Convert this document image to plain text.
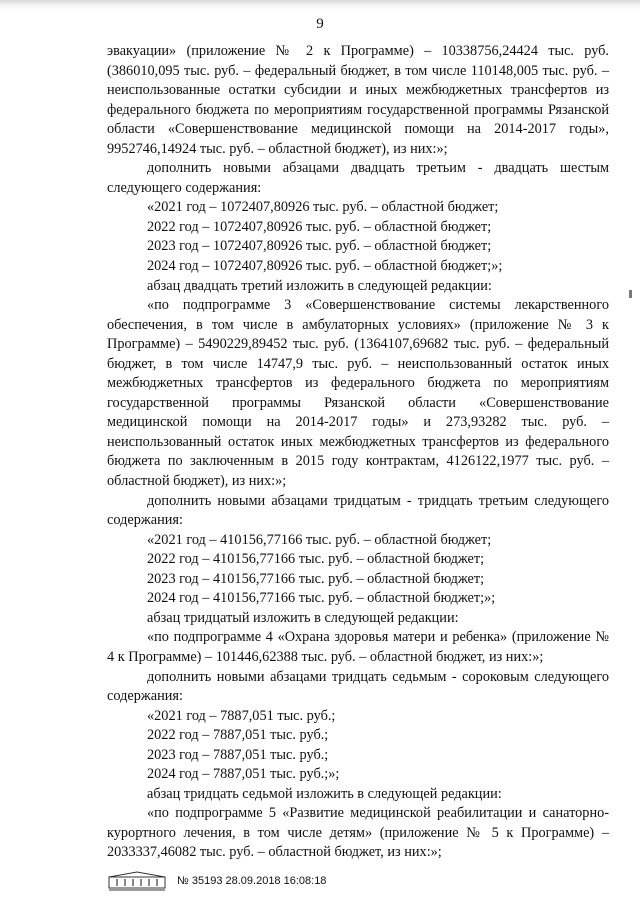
9

эвакуации» (приложение № 2 к Программе) – 10338756,24424 тыс. руб. (386010,095 тыс. руб. – федеральный бюджет, в том числе 110148,005 тыс. руб. – неиспользованные остатки субсидии и иных межбюджетных трансфертов из федерального бюджета по мероприятиям государственной программы Рязанской области «Совершенствование медицинской помощи на 2014-2017 годы», 9952746,14924 тыс. руб. – областной бюджет), из них:»;

дополнить новыми абзацами двадцать третьим - двадцать шестым следующего содержания:

«2021 год – 1072407,80926 тыс. руб. – областной бюджет;

2022 год – 1072407,80926 тыс. руб. – областной бюджет;

2023 год – 1072407,80926 тыс. руб. – областной бюджет;

2024 год – 1072407,80926 тыс. руб. – областной бюджет;»;

абзац двадцать третий изложить в следующей редакции:

«по подпрограмме 3 «Совершенствование системы лекарственного обеспечения, в том числе в амбулаторных условиях» (приложение № 3 к Программе) – 5490229,89452 тыс. руб. (1364107,69682 тыс. руб. – федеральный бюджет, в том числе 14747,9 тыс. руб. – неиспользованный остаток иных межбюджетных трансфертов из федерального бюджета по мероприятиям государственной программы Рязанской области «Совершенствование медицинской помощи на 2014-2017 годы» и 273,93282 тыс. руб. – неиспользованный остаток иных межбюджетных трансфертов из федерального бюджета по заключенным в 2015 году контрактам, 4126122,1977 тыс. руб. – областной бюджет), из них:»;

дополнить новыми абзацами тридцатым - тридцать третьим следующего содержания:

«2021 год – 410156,77166 тыс. руб. – областной бюджет;

2022 год – 410156,77166 тыс. руб. – областной бюджет;

2023 год – 410156,77166 тыс. руб. – областной бюджет;

2024 год – 410156,77166 тыс. руб. – областной бюджет;»;

абзац тридцатый изложить в следующей редакции:

«по подпрограмме 4 «Охрана здоровья матери и ребенка» (приложение № 4 к Программе) – 101446,62388 тыс. руб. – областной бюджет, из них:»;

дополнить новыми абзацами тридцать седьмым - сороковым следующего содержания:

«2021 год – 7887,051 тыс. руб.;

2022 год – 7887,051 тыс. руб.;

2023 год – 7887,051 тыс. руб.;

2024 год – 7887,051 тыс. руб.;»;

абзац тридцать седьмой изложить в следующей редакции:

«по подпрограмме 5 «Развитие медицинской реабилитации и санаторно-курортного лечения, в том числе детям» (приложение № 5 к Программе) – 2033337,46082 тыс. руб. – областной бюджет, из них:»;

№ 35193 28.09.2018 16:08:18
